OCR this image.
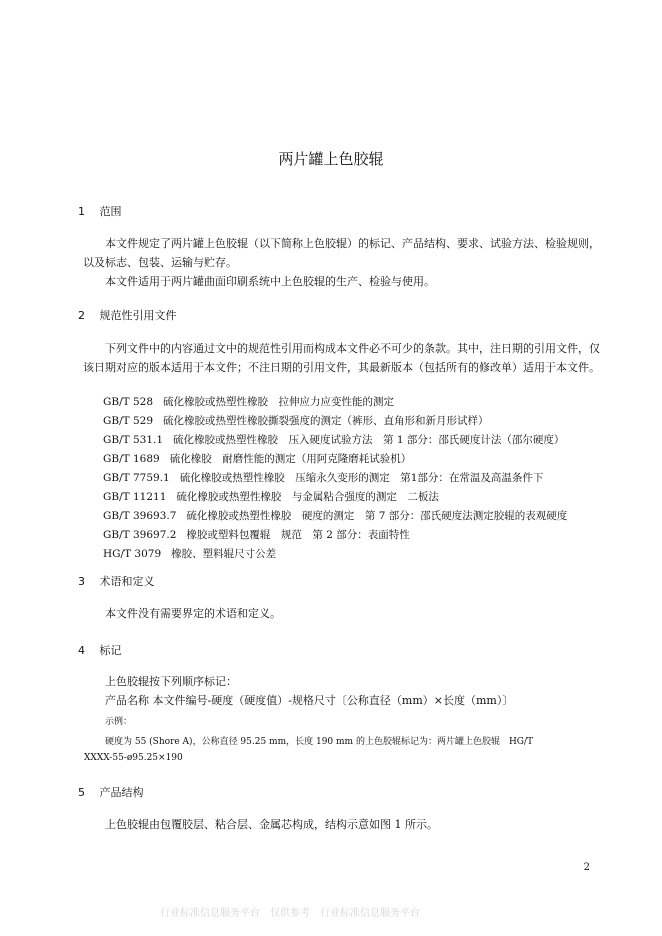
两片罐上色胶辊
1 范围
本文件规定了两片罐上色胶辊（以下简称上色胶辊）的标记、产品结构、要求、试验方法、检验规则，以及标志、包装、运输与贮存。
本文件适用于两片罐曲面印刷系统中上色胶辊的生产、检验与使用。
2 规范性引用文件
下列文件中的内容通过文中的规范性引用而构成本文件必不可少的条款。其中，注日期的引用文件，仅该日期对应的版本适用于本文件；不注日期的引用文件，其最新版本（包括所有的修改单）适用于本文件。
GB/T 528 硫化橡胶或热塑性橡胶　拉伸应力应变性能的测定
GB/T 529 硫化橡胶或热塑性橡胶撕裂强度的测定（裤形、直角形和新月形试样）
GB/T 531.1 硫化橡胶或热塑性橡胶　压入硬度试验方法　第 1 部分：邵氏硬度计法（邵尔硬度）
GB/T 1689 硫化橡胶　耐磨性能的测定（用阿克隆磨耗试验机）
GB/T 7759.1 硫化橡胶或热塑性橡胶　压缩永久变形的测定　第1部分：在常温及高温条件下
GB/T 11211 硫化橡胶或热塑性橡胶　与金属粘合强度的测定　二板法
GB/T 39693.7 硫化橡胶或热塑性橡胶　硬度的测定　第 7 部分：邵氏硬度法测定胶辊的表观硬度
GB/T 39697.2 橡胶或塑料包覆辊　规范　第 2 部分：表面特性
HG/T 3079 橡胶、塑料辊尺寸公差
3 术语和定义
本文件没有需要界定的术语和定义。
4 标记
上色胶辊按下列顺序标记：
产品名称 本文件编号-硬度（硬度值）-规格尺寸〔公称直径（mm）×长度（mm）〕
示例：
硬度为 55 (Shore A)，公称直径 95.25 mm，长度 190 mm 的上色胶辊标记为：两片罐上色胶辊　HG/T
XXXX-55-ø95.25×190
5 产品结构
上色胶辊由包覆胶层、粘合层、金属芯构成，结构示意如图 1 所示。
2
行业标准信息服务平台　仅供参考　行业标准信息服务平台
